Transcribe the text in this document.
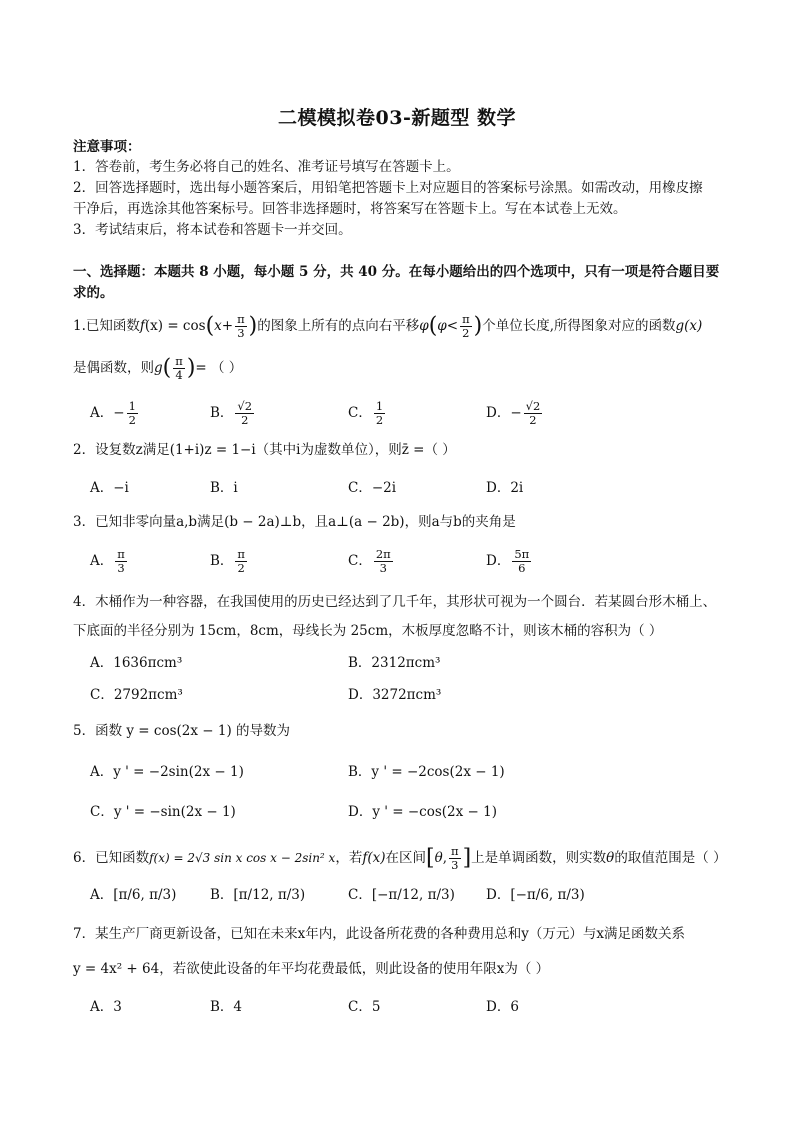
二模模拟卷03-新题型 数学
注意事项：
1．答卷前，考生务必将自己的姓名、准考证号填写在答题卡上。
2．回答选择题时，选出每小题答案后，用铅笔把答题卡上对应题目的答案标号涂黑。如需改动，用橡皮擦
干净后，再选涂其他答案标号。回答非选择题时，将答案写在答题卡上。写在本试卷上无效。
3．考试结束后，将本试卷和答题卡一并交回。
一、选择题：本题共 8 小题，每小题 5 分，共 40 分。在每小题给出的四个选项中，只有一项是符合题目要
求的。
1.已知函数$f(x) = \cos(x+ \frac{\pi}{3}$ )的图象上所有的点向右平移$\varphi(\varphi< \frac{\pi}{2}$ )个单位长度,所得图象对应的函数g(x)
是偶函数，则$g( \frac{\pi}{4}$ )= （ ）
A．− $\frac{1}{2}$	B． $\frac{√2}{2}$	C． $\frac{1}{2}$	D．− $\frac{√2}{2}$
2．设复数z满足(1+i)z = 1−i（其中i为虚数单位），则z̄ =（ ）
A．−i	B．i	C．−2i	D．2i
3．已知非零向量a,b满足(b − 2a)⊥b，且a⊥(a − 2b)，则a与b的夹角是
A． $\frac{\pi}{3}$	B． $\frac{\pi}{2}$	C． $\frac{2\pi}{3}$	D． $\frac{5\pi}{6}$
4．木桶作为一种容器，在我国使用的历史已经达到了几千年，其形状可视为一个圆台．若某圆台形木桶上、
下底面的半径分别为 15cm，8cm，母线长为 25cm，木板厚度忽略不计，则该木桶的容积为（ ）
A．1636πcm³	B．2312πcm³
C．2792πcm³	D．3272πcm³
5．函数 y = cos(2x − 1) 的导数为
A．y ' = −2sin(2x − 1)	B．y ' = −2cos(2x − 1)
C．y ' = −sin(2x − 1)	D．y ' = −cos(2x − 1)
6．已知函数f(x) = 2√3 sin x cos x − 2sin² x，若f(x)在区间[θ, $\frac{\pi}{3}$ ]上是单调函数，则实数θ的取值范围是（ ）
A．[π/6, π/3) B．[π/12, π/3)	C．[−π/12, π/3) D．[−π/6, π/3)
7．某生产厂商更新设备，已知在未来x年内，此设备所花费的各种费用总和y（万元）与x满足函数关系
y = 4x² + 64，若欲使此设备的年平均花费最低，则此设备的使用年限x为（ ）
A．3	B．4	C．5	D．6
